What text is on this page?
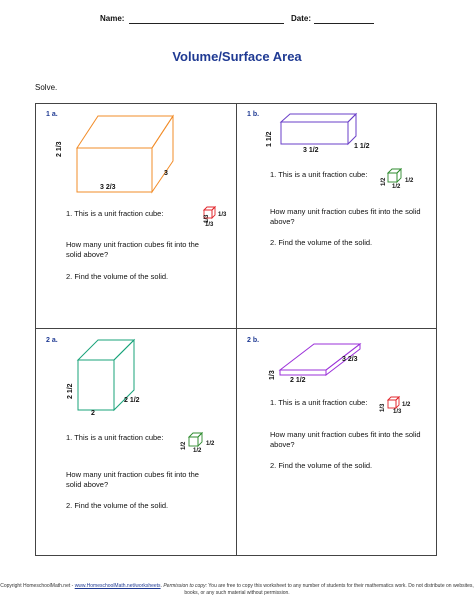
Name:	Date:
Volume/Surface Area
Solve.
1 a.
2 1/3
3 2/3
3
1. This is a unit fraction cube:
1/3 1/3
1/3
How many unit fraction cubes fit into the solid above?
2. Find the volume of the solid.
1 b.
1 1/2
3 1/2
1 1/2
1. This is a unit fraction cube:
1/2	1/2
1/2
How many unit fraction cubes fit into the solid above?
2. Find the volume of the solid.
2 a.
2 1/2
2
2 1/2
1. This is a unit fraction cube:
1/2	1/2
1/2
How many unit fraction cubes fit into the solid above?
2. Find the volume of the solid.
2 b.
1/3
2 1/2
3 2/3
1. This is a unit fraction cube:
1/3	1/2
1/3
How many unit fraction cubes fit into the solid above?
2. Find the volume of the solid.
Copyright HomeschoolMath.net - www.HomeschoolMath.net/worksheets. Permission to copy: You are free to copy this worksheet to any number of students for their mathematics work. Do not distribute on websites, books, or any such material without permission.
